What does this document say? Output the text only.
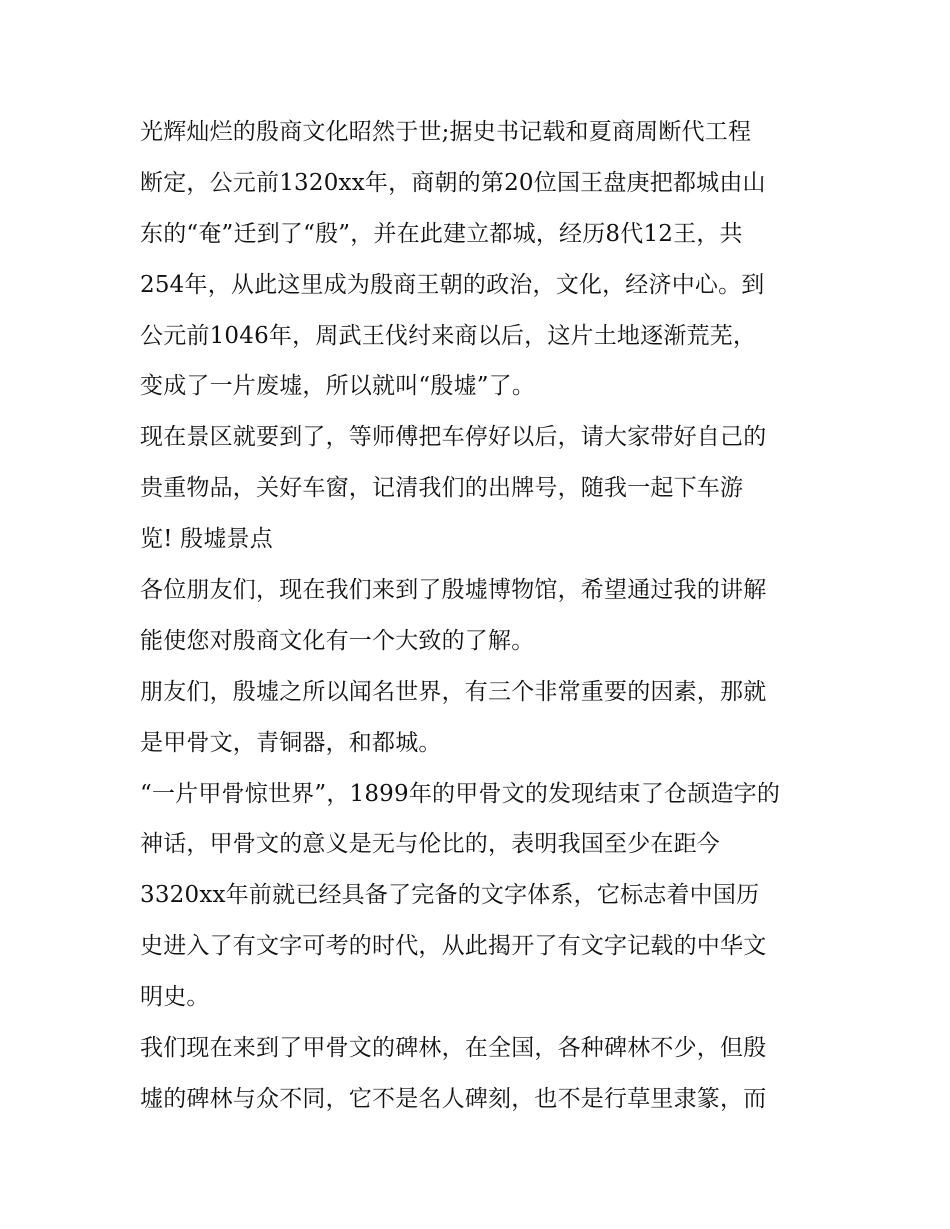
光辉灿烂的殷商文化昭然于世;据史书记载和夏商周断代工程
断定，公元前1320xx年，商朝的第20位国王盘庚把都城由山
东的“奄”迁到了“殷”，并在此建立都城，经历8代12王，共
254年，从此这里成为殷商王朝的政治，文化，经济中心。到
公元前1046年，周武王伐纣来商以后，这片土地逐渐荒芜，
变成了一片废墟，所以就叫“殷墟”了。
现在景区就要到了，等师傅把车停好以后，请大家带好自己的
贵重物品，关好车窗，记清我们的出牌号，随我一起下车游
览! 殷墟景点
各位朋友们，现在我们来到了殷墟博物馆，希望通过我的讲解
能使您对殷商文化有一个大致的了解。
朋友们，殷墟之所以闻名世界，有三个非常重要的因素，那就
是甲骨文，青铜器，和都城。
“一片甲骨惊世界”，1899年的甲骨文的发现结束了仓颉造字的
神话，甲骨文的意义是无与伦比的，表明我国至少在距今
3320xx年前就已经具备了完备的文字体系，它标志着中国历
史进入了有文字可考的时代，从此揭开了有文字记载的中华文
明史。
我们现在来到了甲骨文的碑林，在全国，各种碑林不少，但殷
墟的碑林与众不同，它不是名人碑刻，也不是行草里隶篆，而
